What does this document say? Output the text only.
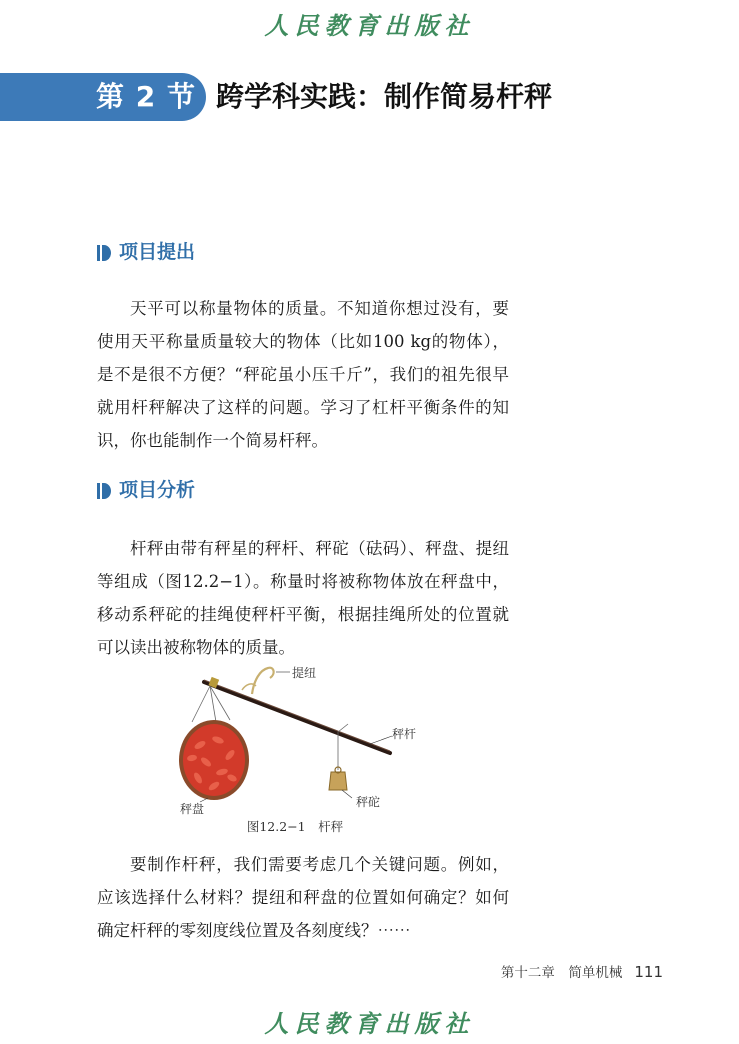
人民教育出版社
第 2 节 跨学科实践：制作简易杆秤
项目提出

天平可以称量物体的质量。不知道你想过没有，要使用天平称量质量较大的物体（比如100 kg的物体），是不是很不方便？“秤砣虽小压千斤”，我们的祖先很早就用杆秤解决了这样的问题。学习了杠杆平衡条件的知识，你也能制作一个简易杆秤。

项目分析

杆秤由带有秤星的秤杆、秤砣（砝码）、秤盘、提纽等组成（图12.2−1）。称量时将被称物体放在秤盘中，移动系秤砣的挂绳使秤杆平衡，根据挂绳所处的位置就可以读出被称物体的质量。

提纽
秤杆
秤盘	秤砣
图12.2−1　杆秤

要制作杆秤，我们需要考虑几个关键问题。例如，应该选择什么材料？提纽和秤盘的位置如何确定？如何确定杆秤的零刻度线位置及各刻度线？⋯⋯

第十二章　简单机械 111
人民教育出版社
